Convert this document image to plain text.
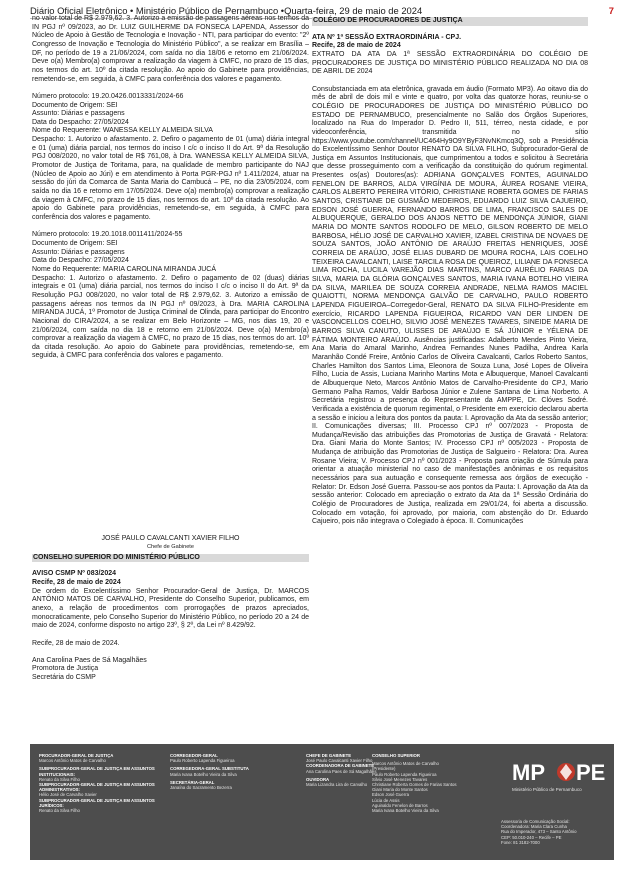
Diário Oficial Eletrônico • Ministério Público de Pernambuco •Quarta-feira, 29 de maio de 2024	7

no valor total de R$ 2.979,62. 3. Autorizo a emissão de passagens aéreas nos termos da IN PGJ nº 09/2023, ao Dr. LUIZ GUILHERME DA FONSECA LAPENDA, Assessor do Núcleo de Apoio à Gestão de Tecnologia e Inovação - NTI, para participar do evento: "2º Congresso de Inovação e Tecnologia do Ministério Público", a se realizar em Brasília – DF, no período de 19 a 21/06/2024, com saída no dia 18/06 e retorno em 21/06/2024. Deve o(a) Membro(a) comprovar a realização da viagem à CMFC, no prazo de 15 dias, nos termos do art. 10º da citada resolução. Ao apoio do Gabinete para providências, remetendo-se, em seguida, à CMFC para conferência dos valores e pagamento.

Número protocolo: 19.20.0426.0013331/2024-66

Documento de Origem: SEI

Assunto: Diárias e passagens

Data do Despacho: 27/05/2024

Nome do Requerente: WANESSA KELLY ALMEIDA SILVA

Despacho: 1. Autorizo o afastamento. 2. Defiro o pagamento de 01 (uma) diária integral e 01 (uma) diária parcial, nos termos do inciso I c/c o inciso II do Art. 9ª da Resolução PGJ 008/2020, no valor total de R$ 761,08, à Dra. WANESSA KELLY ALMEIDA SILVA, Promotor de Justiça de Toritama, para, na qualidade de membro participante do NAJ (Núcleo de Apoio ao Júri) e em atendimento à Porta PGR-PGJ nº 1.411/2024, atuar na sessão do júri da Comarca de Santa Maria do Cambucá – PE, no dia 23/05/2024, com saída no dia 16 e retorno em 17/05/2024. Deve o(a) membro(a) comprovar a realização da viagem à CMFC, no prazo de 15 dias, nos termos do art. 10º da citada resolução. Ao apoio do Gabinete para providências, remetendo-se, em seguida, à CMFC para conferência dos valores e pagamento.

Número protocolo: 19.20.1018.0011411/2024-55

Documento de Origem: SEI

Assunto: Diárias e passagens

Data do Despacho: 27/05/2024

Nome do Requerente: MARIA CAROLINA MIRANDA JUCÁ

Despacho: 1. Autorizo o afastamento. 2. Defiro o pagamento de 02 (duas) diárias integrais e 01 (uma) diária parcial, nos termos do inciso I c/c o inciso II do Art. 9ª da Resolução PGJ 008/2020, no valor total de R$ 2.979,62. 3. Autorizo a emissão de passagens aéreas nos termos da IN PGJ nº 09/2023, à Dra. MARIA CAROLINA MIRANDA JUCÁ, 1º Promotor de Justiça Criminal de Olinda, para participar do Encontro Nacional do CIRA/2024, a se realizar em Belo Horizonte – MG, nos dias 19, 20 e 21/06/2024, com saída no dia 18 e retorno em 21/06/2024. Deve o(a) Membro(a) comprovar a realização da viagem à CMFC, no prazo de 15 dias, nos termos do art. 10º da citada resolução. Ao apoio do Gabinete para providências, remetendo-se, em seguida, à CMFC para conferência dos valores e pagamento.

JOSÉ PAULO CAVALCANTI XAVIER FILHO
Chefe de Gabinete
CONSELHO SUPERIOR DO MINISTÉRIO PÚBLICO

AVISO CSMP Nº 083/2024

Recife, 28 de maio de 2024

De ordem do Excelentíssimo Senhor Procurador-Geral de Justiça, Dr. MARCOS ANTÔNIO MATOS DE CARVALHO, Presidente do Conselho Superior, publicamos, em anexo, a relação de procedimentos com prorrogações de prazos apreciados, monocraticamente, pelo Conselho Superior do Ministério Público, no período 20 a 24 de maio de 2024, conforme disposto no artigo 23º, § 2º, da Lei nº 8.429/92.

Recife, 28 de maio de 2024.

Ana Carolina Paes de Sá Magalhães

Promotora de Justiça

Secretária do CSMP

COLÉGIO DE PROCURADORES DE JUSTIÇA

ATA Nº 1ª SESSÃO EXTRAORDINÁRIA - CPJ.

Recife, 28 de maio de 2024

EXTRATO DA ATA DA 1ª SESSÃO EXTRAORDINÁRIA DO COLÉGIO DE PROCURADORES DE JUSTIÇA DO MINISTÉRIO PÚBLICO REALIZADA NO DIA 08 DE ABRIL DE 2024

Consubstanciada em ata eletrônica, gravada em áudio (Formato MP3). Ao oitavo dia do mês de abril de dois mil e vinte e quatro, por volta das quatorze horas, reuniu-se o COLÉGIO DE PROCURADORES DE JUSTIÇA DO MINISTÉRIO PÚBLICO DO ESTADO DE PERNAMBUCO, presencialmente no Salão dos Órgãos Superiores, localizado na Rua do Imperador D. Pedro II, 511, térreo, nesta cidade, e por videoconferência, transmitida no sítio https://www.youtube.com/channel/UC464Hy9O9YByF3NvNKmcq3Q, sob a Presidência do Excelentíssimo Senhor Doutor RENATO DA SILVA FILHO, Subprocurador-Geral de Justiça em Assuntos Institucionais, que cumprimentou a todos e solicitou à Secretária que desse prosseguimento com a verificação da constituição do quórum regimental. Presentes os(as) Doutores(as): ADRIANA GONÇALVES FONTES, AGUINALDO FENELON DE BARROS, ALDA VIRGÍNIA DE MOURA, ÁUREA ROSANE VIEIRA, CARLOS ALBERTO PEREIRA VITÓRIO, CHRISTIANE ROBERTA GOMES DE FARIAS SANTOS, CRISTIANE DE GUSMÃO MEDEIROS, EDUARDO LUIZ SILVA CAJUEIRO, EDSON JOSÉ GUERRA, FERNANDO BARROS DE LIMA, FRANCISCO SALES DE ALBUQUERQUE, GERALDO DOS ANJOS NETTO DE MENDONÇA JÚNIOR, GIANI MARIA DO MONTE SANTOS RODOLFO DE MELO, GILSON ROBERTO DE MELO BARBOSA, HÉLIO JOSÉ DE CARVALHO XAVIER, IZABEL CRISTINA DE NOVAES DE SOUZA SANTOS, JOÃO ANTÔNIO DE ARAÚJO FREITAS HENRIQUES, JOSÉ CORREIA DE ARAÚJO, JOSÉ ELIAS DUBARD DE MOURA ROCHA, LAIS COELHO TEIXEIRA CAVALCANTI, LAISE TARCILA ROSA DE QUEIROZ, LILIANE DA FONSECA LIMA ROCHA, LUCILA VAREJÃO DIAS MARTINS, MARCO AURÉLIO FARIAS DA SILVA, MARIA DA GLÓRIA GONÇALVES SANTOS, MARIA IVANA BOTELHO VIEIRA DA SILVA, MARILEA DE SOUZA CORREIA ANDRADE, NELMA RAMOS MACIEL QUAIOTTI, NORMA MENDONÇA GALVÃO DE CARVALHO, PAULO ROBERTO LAPENDA FIGUEIROA–Corregedor-Geral, RENATO DA SILVA FILHO-Presidente em exercício, RICARDO LAPENDA FIGUEIROA, RICARDO VAN DER LINDEN DE VASCONCELLOS COELHO, SILVIO JOSÉ MENEZES TAVARES, SINEIDE MARIA DE BARROS SILVA CANUTO, ULISSES DE ARAÚJO E SÁ JÚNIOR e YÉLENA DE FÁTIMA MONTEIRO ARAÚJO. Ausências justificadas: Adalberto Mendes Pinto Vieira, Ana Maria do Amaral Marinho, Andrea Fernandes Nunes Padilha, Andrea Karla Maranhão Condé Freire, Antônio Carlos de Oliveira Cavalcanti, Carlos Roberto Santos, Charles Hamilton dos Santos Lima, Eleonora de Souza Luna, José Lopes de Oliveira Filho, Lucia de Assis, Luciana Marinho Martins Mota e Albuquerque, Manoel Cavalcanti de Albuquerque Neto, Marcos Antônio Matos de Carvalho-Presidente do CPJ, Mario Germano Palha Ramos, Valdir Barbosa Júnior e Zulene Santana de Lima Norberto. A Secretária registrou a presença do Representante da AMPPE, Dr. Clóves Sodré. Verificada a existência de quorum regimental, o Presidente em exercício declarou aberta a sessão e iniciou a leitura dos pontos da pauta: I. Aprovação da Ata da sessão anterior; II. Comunicações diversas; III. Processo CPJ nº 007/2023 - Proposta de Mudança/Revisão das atribuições das Promotorias de Justiça de Gravatá - Relatora: Dra. Giani Maria do Monte Santos; IV. Processo CPJ nº 005/2023 - Proposta de Mudança de atribuição das Promotorias de Justiça de Salgueiro - Relatora: Dra. Aurea Rosane Vieira; V. Processo CPJ nº 001/2023 - Proposta para criação de Súmula para orientar a atuação ministerial no caso de manifestações anônimas e os requisitos necessários para sua autuação e consequente remessa aos órgãos de execução - Relator: Dr. Edson José Guerra. Passou-se aos pontos da Pauta: I. Aprovação da Ata da sessão anterior: Colocado em apreciação o extrato da Ata da 1ª Sessão Ordinária do Colégio de Procuradores de Justiça, realizada em 29/01/24, foi aberta a discussão. Colocado em votação, foi aprovado, por maioria, com abstenção do Dr. Eduardo Cajueiro, pois não integrava o Colegiado à época. II. Comunicações

PROCURADOR-GERAL DE JUSTIÇA
Marcos Antônio Matos de Carvalho
SUBPROCURADOR-GERAL DE JUSTIÇA EM ASSUNTOS INSTITUCIONAIS:
Renato da Silva Filho
SUBPROCURADOR-GERAL DE JUSTIÇA EM ASSUNTOS ADMINISTRATIVOS:
Hélio José de Carvalho Xavier
SUBPROCURADOR-GERAL DE JUSTIÇA EM ASSUNTOS JURÍDICOS:
Renato da Silva Filho
CORREGEDOR-GERAL
Paulo Roberto Lapenda Figueiroa
CORREGEDORA-GERAL SUBSTITUTA
Maria Ivana Botelho Vieira da Silva
SECRETÁRIA-GERAL
Janaína do Sacramento Bezerra
CHEFE DE GABINETE
José Paulo Cavalcanti Xavier Filho
COORDENADORA DE GABINETE
Ana Carolina Paes de Sá Magalhães
OUVIDORA
Maria Lizandra Lira de Carvalho
CONSELHO SUPERIOR
Marcos Antônio Matos de Carvalho
(Presidente)
Paulo Roberto Lapenda Figueiroa
Silvio José Menezes Tavares
Christiane Roberta Gomes de Farias Santos
Giani Maria do Monte Santos
Edson José Guerra
Lúcia de Assis
Aguinaldo Fenelon de Barros
Maria Ivana Botelho Vieira da Silva
MP PE
Ministério Público de Pernambuco
Assessoria de Comunicação Social:
Coordenadora: Maria Clara Cunha
Rua do Imperador, 473 – Santo Antônio
CEP: 50.010-240 – Recife – PE
Fone: 81 3182-7000
